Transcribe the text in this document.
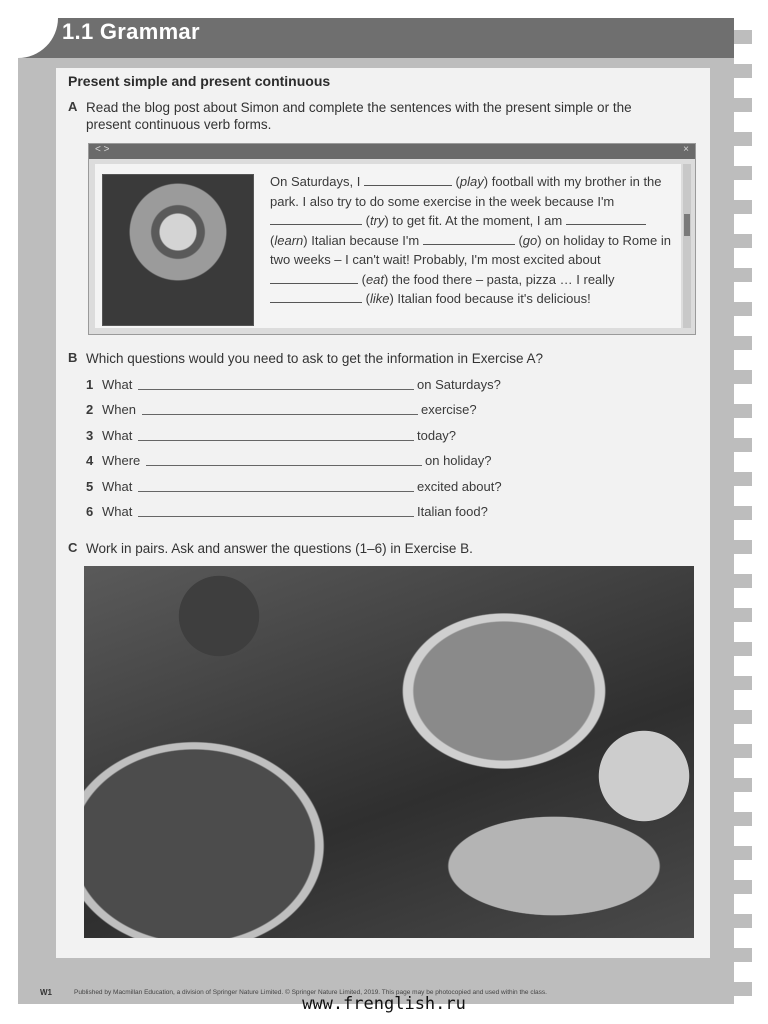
1.1 Grammar
Present simple and present continuous
A Read the blog post about Simon and complete the sentences with the present simple or the
present continuous verb forms.
< >	×
On Saturdays, I	(play) football with my brother in the park. I also try to do some exercise in the week because I'm  (try) to get fit. At the moment, I am  (learn) Italian because I'm	(go) on holiday to Rome in two weeks – I can't wait! Probably, I'm most excited about  (eat) the food there – pasta, pizza … I really  (like) Italian food because it's delicious!
B Which questions would you need to ask to get the information in Exercise A?
1 What	on Saturdays?
2 When	exercise?
3 What	today?
4 Where	on holiday?
5 What	excited about?
6 What	Italian food?
C Work in pairs. Ask and answer the questions (1–6) in Exercise B.
W1	Published by Macmillan Education, a division of Springer Nature Limited. © Springer Nature Limited, 2019. This page may be photocopied and used within the class.
www.frenglish.ru
